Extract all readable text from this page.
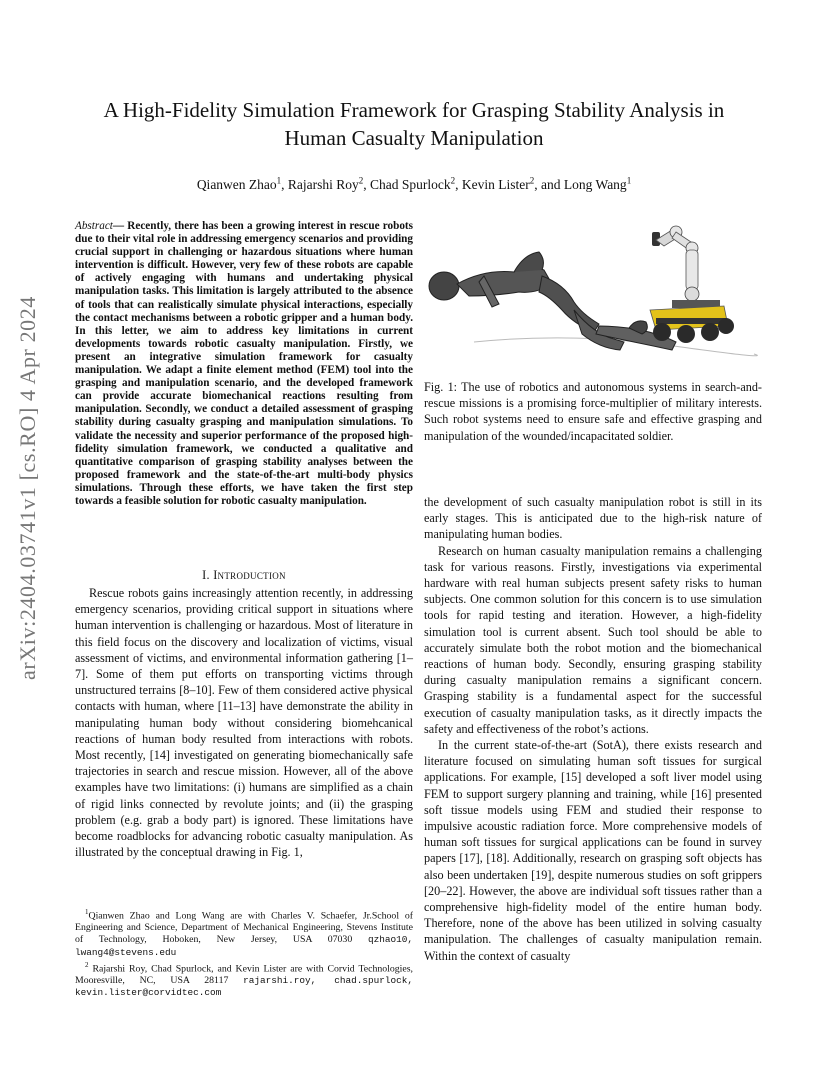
A High-Fidelity Simulation Framework for Grasping Stability Analysis in
Human Casualty Manipulation
Qianwen Zhao$^1$, Rajarshi Roy$^2$, Chad Spurlock$^2$, Kevin Lister$^2$, and Long Wang$^1$
arXiv:2404.03741v1 [cs.RO] 4 Apr 2024
Abstract— Recently, there has been a growing interest in rescue robots due to their vital role in addressing emergency scenarios and providing crucial support in challenging or hazardous situations where human intervention is difficult. However, very few of these robots are capable of actively engaging with humans and undertaking physical manipulation tasks. This limitation is largely attributed to the absence of tools that can realistically simulate physical interactions, especially the contact mechanisms between a robotic gripper and a human body. In this letter, we aim to address key limitations in current developments towards robotic casualty manipulation. Firstly, we present an integrative simulation framework for casualty manipulation. We adapt a finite element method (FEM) tool into the grasping and manipulation scenario, and the developed framework can provide accurate biomechanical reactions resulting from manipulation. Secondly, we conduct a detailed assessment of grasping stability during casualty grasping and manipulation simulations. To validate the necessity and superior performance of the proposed high-fidelity simulation framework, we conducted a qualitative and quantitative comparison of grasping stability analyses between the proposed framework and the state-of-the-art multi-body physics simulations. Through these efforts, we have taken the first step towards a feasible solution for robotic casualty manipulation.
I. Introduction

Rescue robots gains increasingly attention recently, in addressing emergency scenarios, providing critical support in situations where human intervention is challenging or hazardous. Most of literature in this field focus on the discovery and localization of victims, visual assessment of victims, and environmental information gathering [1–7]. Some of them put efforts on transporting victims through unstructured terrains [8–10]. Few of them considered active physical contacts with human, where [11–13] have demonstrate the ability in manipulating human body without considering biomehcanical reactions of human body resulted from interactions with robots. Most recently, [14] investigated on generating biomechanically safe trajectories in search and rescue mission. However, all of the above examples have two limitations: (i) humans are simplified as a chain of rigid links connected by revolute joints; and (ii) the grasping problem (e.g. grab a body part) is ignored. These limitations have become roadblocks for advancing robotic casualty manipulation. As illustrated by the conceptual drawing in Fig. 1,

$^1$Qianwen Zhao and Long Wang are with Charles V. Schaefer, Jr.School of Engineering and Science, Department of Mechanical Engineering, Stevens Institute of Technology, Hoboken, New Jersey, USA 07030 qzhao10, lwang4@stevens.edu

$^2$ Rajarshi Roy, Chad Spurlock, and Kevin Lister are with Corvid Technologies, Mooresville, NC, USA 28117 rajarshi.roy, chad.spurlock, kevin.lister@corvidtec.com

Fig. 1: The use of robotics and autonomous systems in search-and-rescue missions is a promising force-multiplier of military interests. Such robot systems need to ensure safe and effective grasping and manipulation of the wounded/incapacitated soldier.

the development of such casualty manipulation robot is still in its early stages. This is anticipated due to the high-risk nature of manipulating human bodies.

Research on human casualty manipulation remains a challenging task for various reasons. Firstly, investigations via experimental hardware with real human subjects present safety risks to human subjects. One common solution for this concern is to use simulation tools for rapid testing and iteration. However, a high-fidelity simulation tool is current absent. Such tool should be able to accurately simulate both the robot motion and the biomechanical reactions of human body. Secondly, ensuring grasping stability during casualty manipulation remains a significant concern. Grasping stability is a fundamental aspect for the successful execution of casualty manipulation tasks, as it directly impacts the safety and effectiveness of the robot’s actions.

In the current state-of-the-art (SotA), there exists research and literature focused on simulating human soft tissues for surgical applications. For example, [15] developed a soft liver model using FEM to support surgery planning and training, while [16] presented soft tissue models using FEM and studied their response to impulsive acoustic radiation force. More comprehensive models of human soft tissues for surgical applications can be found in survey papers [17], [18]. Additionally, research on grasping soft objects has also been undertaken [19], despite numerous studies on soft grippers [20–22]. However, the above are individual soft tissues rather than a comprehensive high-fidelity model of the entire human body. Therefore, none of the above has been utilized in solving casualty manipulation. The challenges of casualty manipulation remain. Within the context of casualty
